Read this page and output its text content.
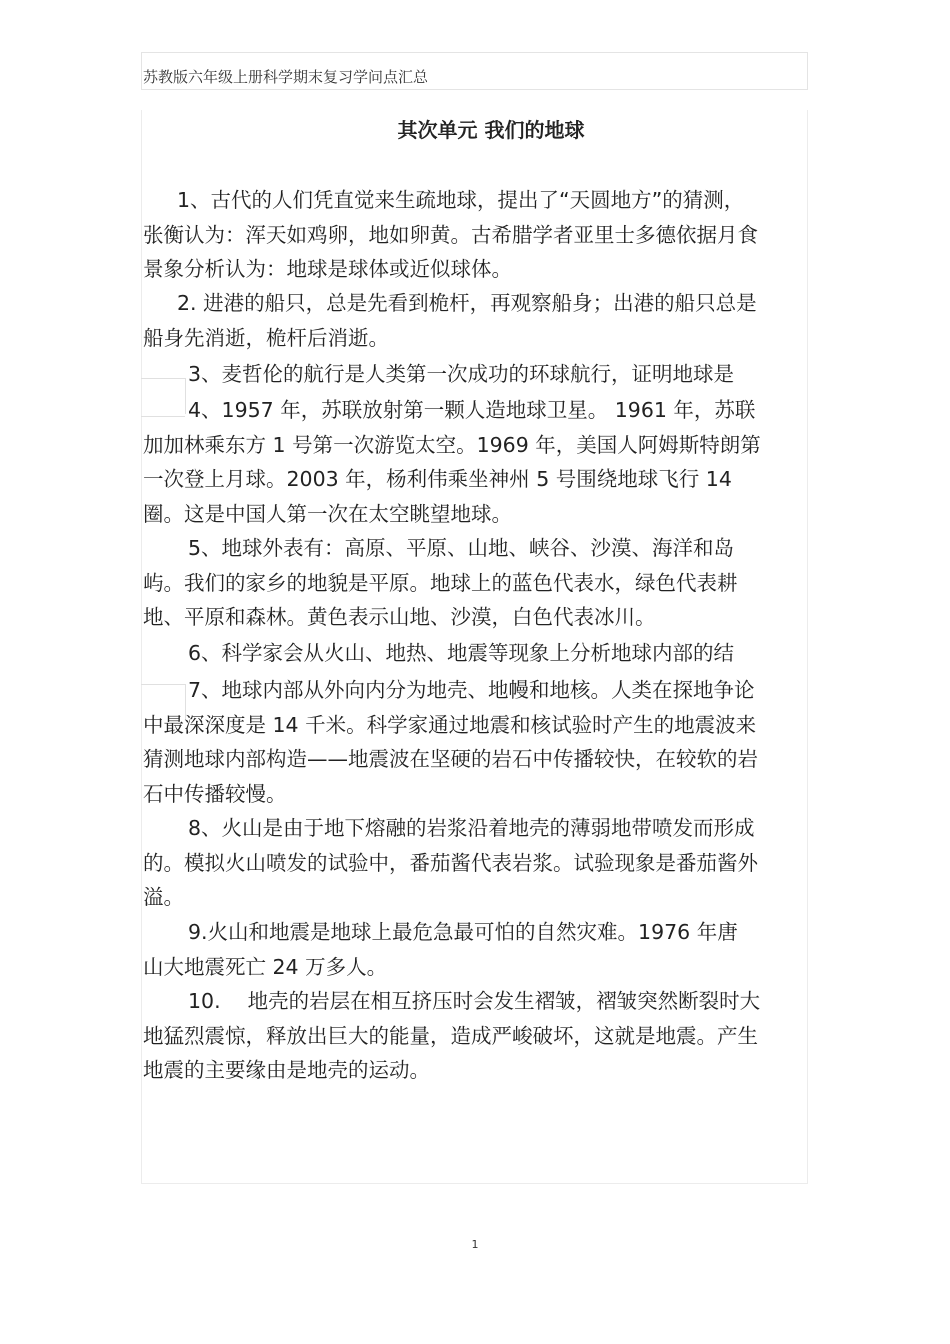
苏教版六年级上册科学期末复习学问点汇总
其次单元 我们的地球

1、古代的人们凭直觉来生疏地球，提出了“天圆地方”的猜测，
张衡认为：浑天如鸡卵，地如卵黄。古希腊学者亚里士多德依据月食
景象分析认为：地球是球体或近似球体。

2. 进港的船只，总是先看到桅杆，再观察船身；出港的船只总是
船身先消逝，桅杆后消逝。

3、麦哲伦的航行是人类第一次成功的环球航行，证明地球是

4、1957 年，苏联放射第一颗人造地球卫星。 1961 年，苏联
加加林乘东方 1 号第一次游览太空。1969 年，美国人阿姆斯特朗第
一次登上月球。2003 年，杨利伟乘坐神州 5 号围绕地球飞行 14
圈。这是中国人第一次在太空眺望地球。

5、地球外表有：高原、平原、山地、峡谷、沙漠、海洋和岛
屿。我们的家乡的地貌是平原。地球上的蓝色代表水，绿色代表耕
地、平原和森林。黄色表示山地、沙漠，白色代表冰川。

6、科学家会从火山、地热、地震等现象上分析地球内部的结

7、地球内部从外向内分为地壳、地幔和地核。人类在探地争论
中最深深度是 14 千米。科学家通过地震和核试验时产生的地震波来
猜测地球内部构造——地震波在坚硬的岩石中传播较快，在较软的岩
石中传播较慢。

8、火山是由于地下熔融的岩浆沿着地壳的薄弱地带喷发而形成
的。模拟火山喷发的试验中，番茄酱代表岩浆。试验现象是番茄酱外
溢。

9.火山和地震是地球上最危急最可怕的自然灾难。1976 年唐
山大地震死亡 24 万多人。

10.　 地壳的岩层在相互挤压时会发生褶皱，褶皱突然断裂时大
地猛烈震惊，释放出巨大的能量，造成严峻破坏，这就是地震。产生
地震的主要缘由是地壳的运动。

1
